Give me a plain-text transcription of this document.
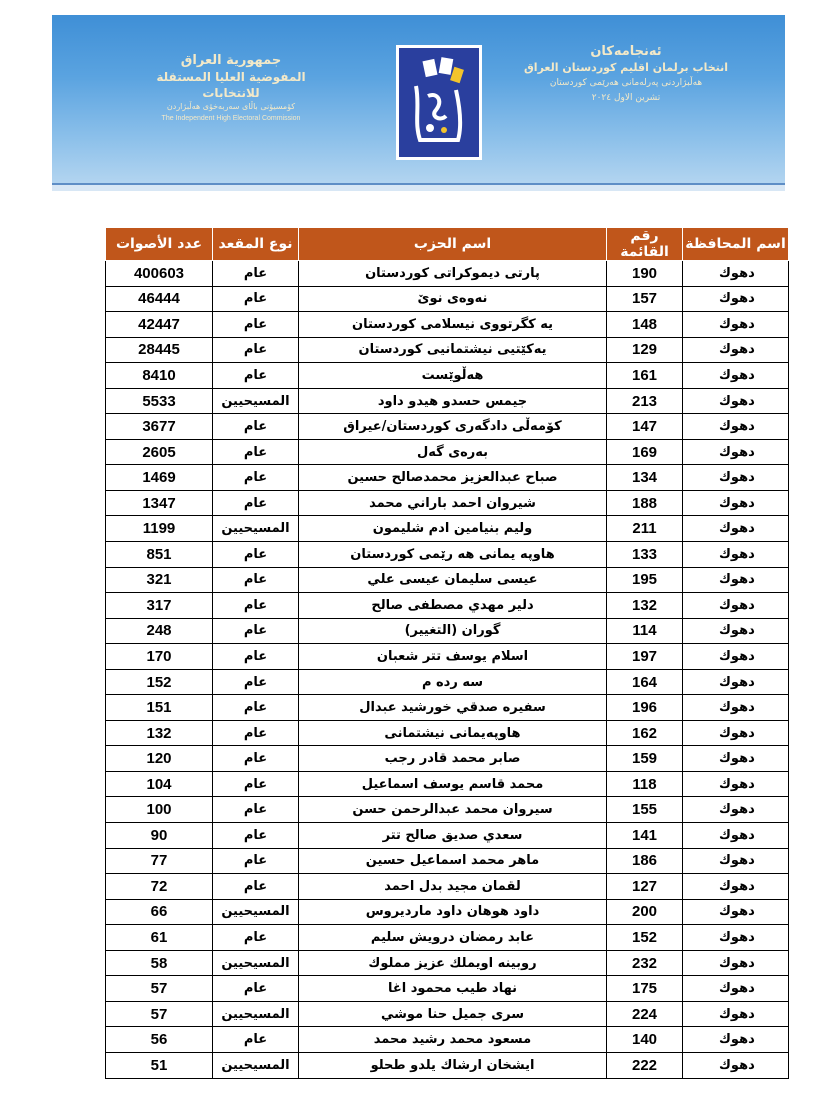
جمهورية العراق
المفوضية العليا المستقلة للانتخابات
كۆمسیۆنی باڵای سەربەخۆی هەڵبژاردن
The Independent High Electoral Commission
ئەنجامەکان
انتخاب برلمان اقليم كوردستان العراق
هەڵبژاردنی پەرلەمانی هەرێمی کوردستان
تشرين الاول ٢٠٢٤
اسم المحافظة	رقم القائمة	اسم الحزب	نوع المقعد	عدد الأصوات
دهوك	190	پارتی دیموکراتی کوردستان	عام	400603
دهوك	157	نەوەی نوێ	عام	46444
دهوك	148	يه كگرتووى نيسلامى كوردستان	عام	42447
دهوك	129	یەکێتیی نیشتمانیی کوردستان	عام	28445
دهوك	161	هەڵوێست	عام	8410
دهوك	213	جيمس حسدو هيدو داود	المسيحيين	5533
دهوك	147	کۆمەڵی دادگەری کوردستان/عیراق	عام	3677
دهوك	169	بەرەی گەل	عام	2605
دهوك	134	صباح عبدالعزيز محمدصالح حسين	عام	1469
دهوك	188	شيروان احمد باراني محمد	عام	1347
دهوك	211	وليم بنيامين ادم شليمون	المسيحيين	1199
دهوك	133	هاوپه يمانی هه رێمی كوردستان	عام	851
دهوك	195	عيسى سليمان عيسى علي	عام	321
دهوك	132	دلير مهدي مصطفى صالح	عام	317
دهوك	114	گوران (التغيير)	عام	248
دهوك	197	اسلام يوسف تتر شعبان	عام	170
دهوك	164	سه رده م	عام	152
دهوك	196	سفيره صدقي خورشيد عبدال	عام	151
دهوك	162	هاوپەیمانی نیشتمانی	عام	132
دهوك	159	صابر محمد قادر رجب	عام	120
دهوك	118	محمد قاسم يوسف اسماعيل	عام	104
دهوك	155	سيروان محمد عبدالرحمن حسن	عام	100
دهوك	141	سعدي صديق صالح تتر	عام	90
دهوك	186	ماهر محمد اسماعيل حسين	عام	77
دهوك	127	لقمان مجيد بدل احمد	عام	72
دهوك	200	داود هوهان داود ماردیروس	المسيحيين	66
دهوك	152	عابد رمضان درويش سليم	عام	61
دهوك	232	روبينه اويملك عزيز مملوك	المسيحيين	58
دهوك	175	نهاد طيب محمود اغا	عام	57
دهوك	224	سرى جميل حنا موشي	المسيحيين	57
دهوك	140	مسعود محمد رشيد محمد	عام	56
دهوك	222	ايشخان ارشاك يلدو طحلو	المسيحيين	51
